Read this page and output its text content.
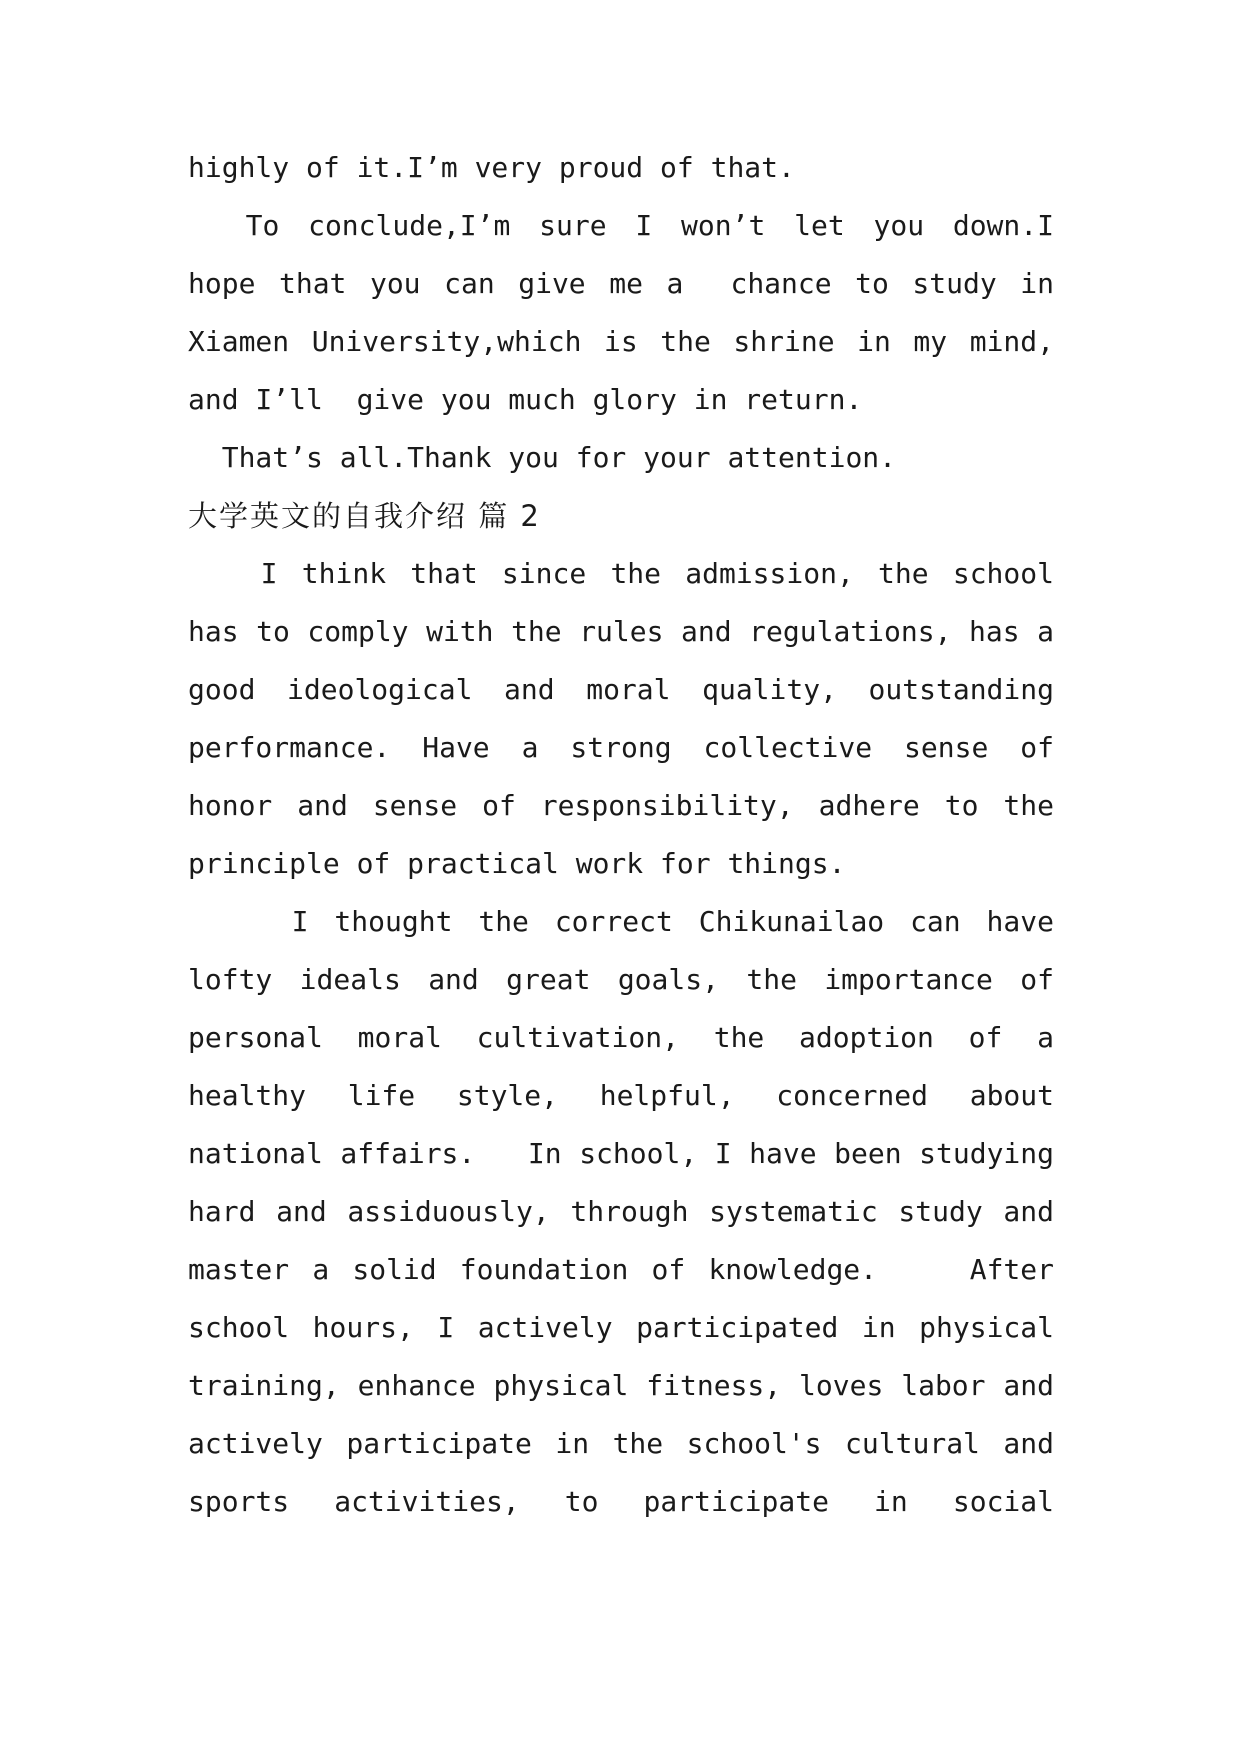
highly of it.I’m very proud of that.
To conclude,I’m sure I won’t let you down.I
hope that you can give me a  chance to study in
Xiamen University,which is the shrine in my mind,
and I’ll  give you much glory in return.
That’s all.Thank you for your attention.
大学英文的自我介绍 篇 2
I think that since the admission, the school
has to comply with the rules and regulations, has a
good ideological and moral quality, outstanding
performance. Have a strong collective sense of
honor and sense of responsibility, adhere to the
principle of practical work for things.
I thought the correct Chikunailao can have
lofty ideals and great goals, the importance of
personal moral cultivation, the adoption of a
healthy life style, helpful, concerned about
national affairs.   In school, I have been studying
hard and assiduously, through systematic study and
master a solid foundation of knowledge.    After
school hours, I actively participated in physical
training, enhance physical fitness, loves labor and
actively participate in the school's cultural and
sports activities, to participate in social
